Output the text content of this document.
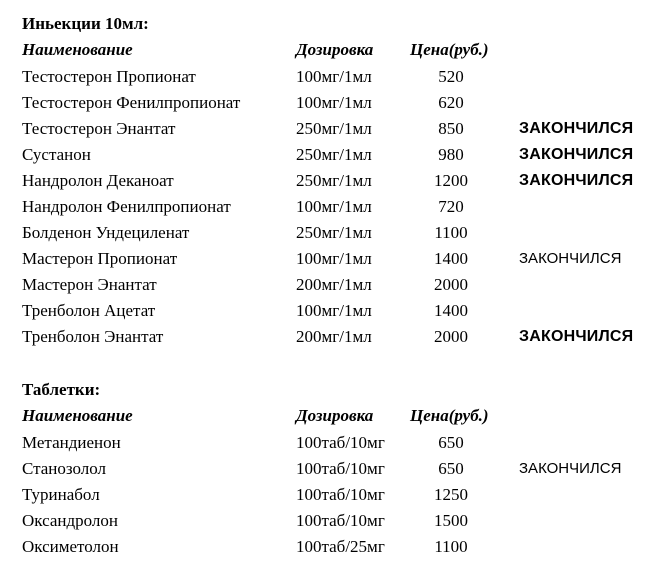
Иньекции 10мл:
Наименование	Дозировка Цена(руб.)
Тестостерон Пропионат	100мг/1мл	520
Тестостерон Фенилпропионат	100мг/1мл	620
Тестостерон Энантат	250мг/1мл	850	ЗАКОНЧИЛСЯ
Сустанон	250мг/1мл	980	ЗАКОНЧИЛСЯ
Нандролон Деканоат	250мг/1мл	1200	ЗАКОНЧИЛСЯ
Нандролон Фенилпропионат	100мг/1мл	720
Болденон Ундециленат	250мг/1мл	1100
Мастерон Пропионат	100мг/1мл	1400	ЗАКОНЧИЛСЯ
Мастерон Энантат	200мг/1мл	2000
Тренболон Ацетат	100мг/1мл	1400
Тренболон Энантат	200мг/1мл	2000	ЗАКОНЧИЛСЯ
Таблетки:
Наименование	Дозировка Цена(руб.)
Метандиенон	100таб/10мг	650
Станозолол	100таб/10мг	650	ЗАКОНЧИЛСЯ
Туринабол	100таб/10мг	1250
Оксандролон	100таб/10мг	1500
Оксиметолон	100таб/25мг	1100
